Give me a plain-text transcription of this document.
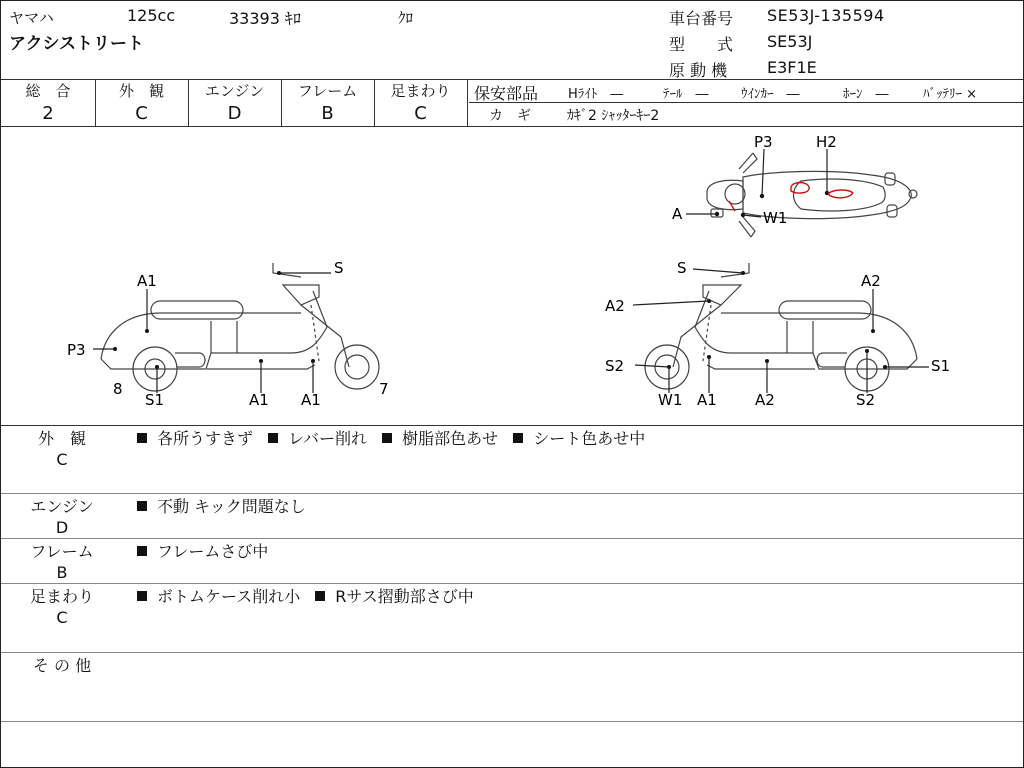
ヤマハ	125cc	33393 ｷﾛ	ｸﾛ
アクシストリート
車台番号 SE53J-135594
型　　式 SE53J
原 動 機 E3F1E
総　合
2
外　観
C
エンジン
D
フレーム
B
足まわり
C
保安部品 Hﾗｲﾄ　―	ﾃｰﾙ　― ｳｲﾝｶｰ　―	ﾎｰﾝ　―	ﾊﾞｯﾃﾘｰ ×
カ　ギ	ｶｷﾞ2 ｼｬｯﾀｰｷｰ2
P3	H2
A	W1
S
A1
P3
8
S1	A1 A1
7
S
A2
A2
S2
W1 A1	A2	S2
S1
外　観
C
各所うすきず レバー削れ 樹脂部色あせ シート色あせ中
エンジン
D
不動 キック問題なし
フレーム
B
フレームさび中
足まわり
C
ボトムケース削れ小 Rサス摺動部さび中
そ の 他
